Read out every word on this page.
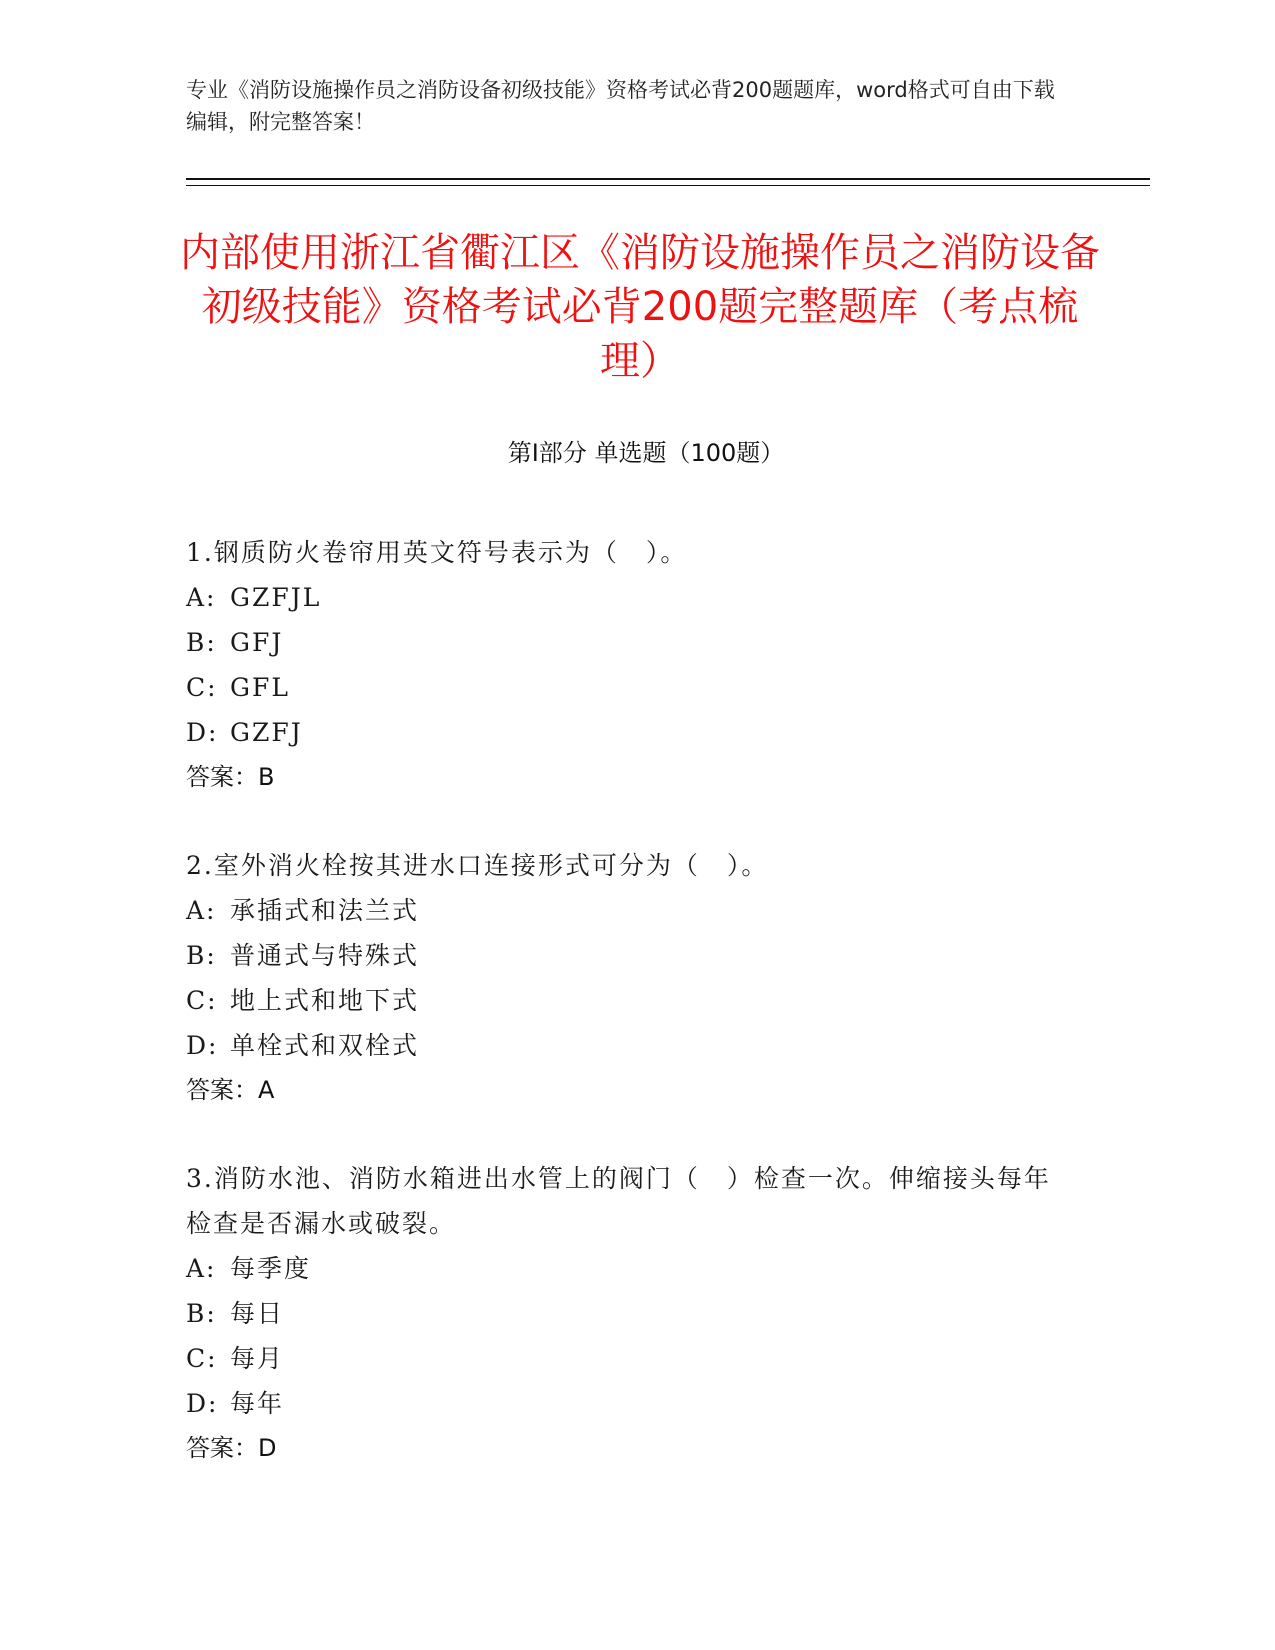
专业《消防设施操作员之消防设备初级技能》资格考试必背200题题库，word格式可自由下载编辑，附完整答案！
内部使用浙江省衢江区《消防设施操作员之消防设备初级技能》资格考试必背200题完整题库（考点梳理）
第I部分 单选题（100题）
1.钢质防火卷帘用英文符号表示为（　）。
A: GZFJL
B: GFJ
C: GFL
D: GZFJ
答案：B
2.室外消火栓按其进水口连接形式可分为（　）。
A: 承插式和法兰式
B: 普通式与特殊式
C: 地上式和地下式
D: 单栓式和双栓式
答案：A
3.消防水池、消防水箱进出水管上的阀门（　）检查一次。伸缩接头每年检查是否漏水或破裂。
A: 每季度
B: 每日
C: 每月
D: 每年
答案：D
